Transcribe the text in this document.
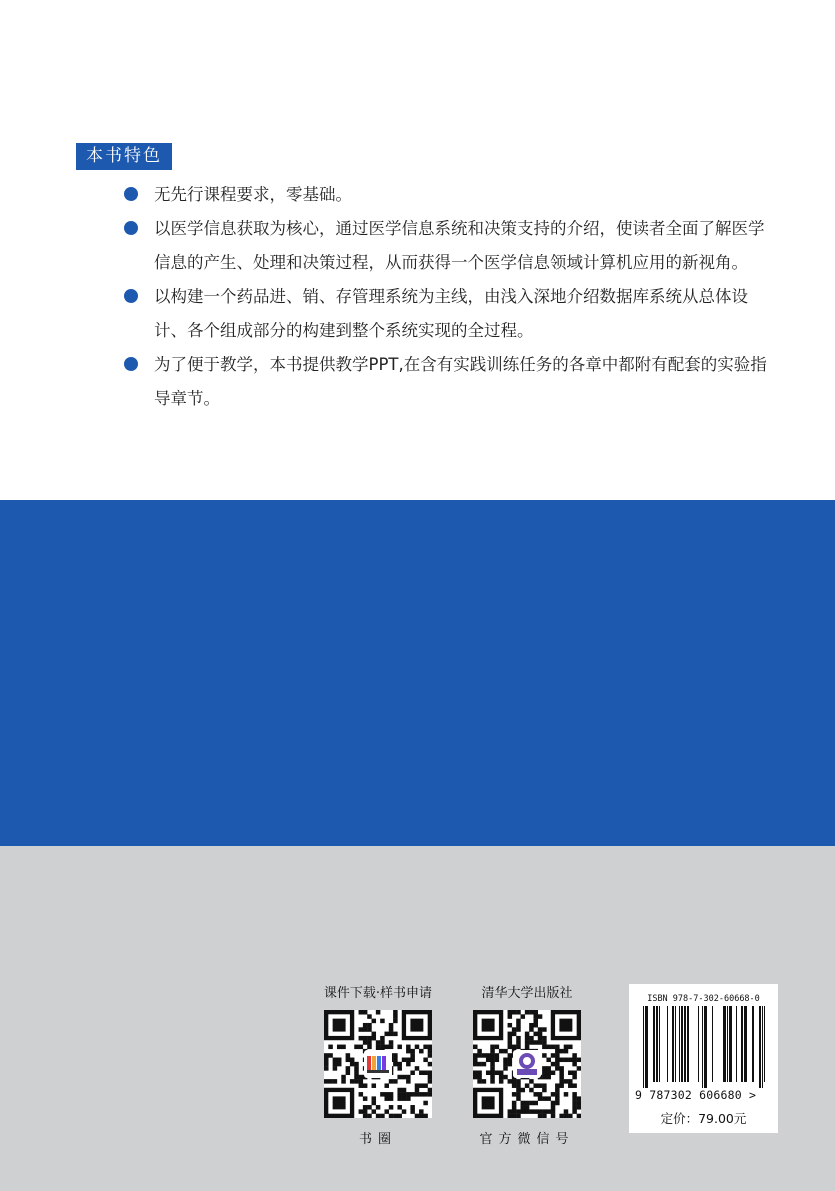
本书特色
无先行课程要求，零基础。
以医学信息获取为核心，通过医学信息系统和决策支持的介绍，使读者全面了解医学
信息的产生、处理和决策过程，从而获得一个医学信息领域计算机应用的新视角。
以构建一个药品进、销、存管理系统为主线，由浅入深地介绍数据库系统从总体设
计、各个组成部分的构建到整个系统实现的全过程。
为了便于教学，本书提供教学PPT,在含有实践训练任务的各章中都附有配套的实验指
导章节。
课件下载·样书申请
书圈
清华大学出版社
官方微信号
ISBN 978-7-302-60668-0
9 787302 606680 >
定价：79.00元
